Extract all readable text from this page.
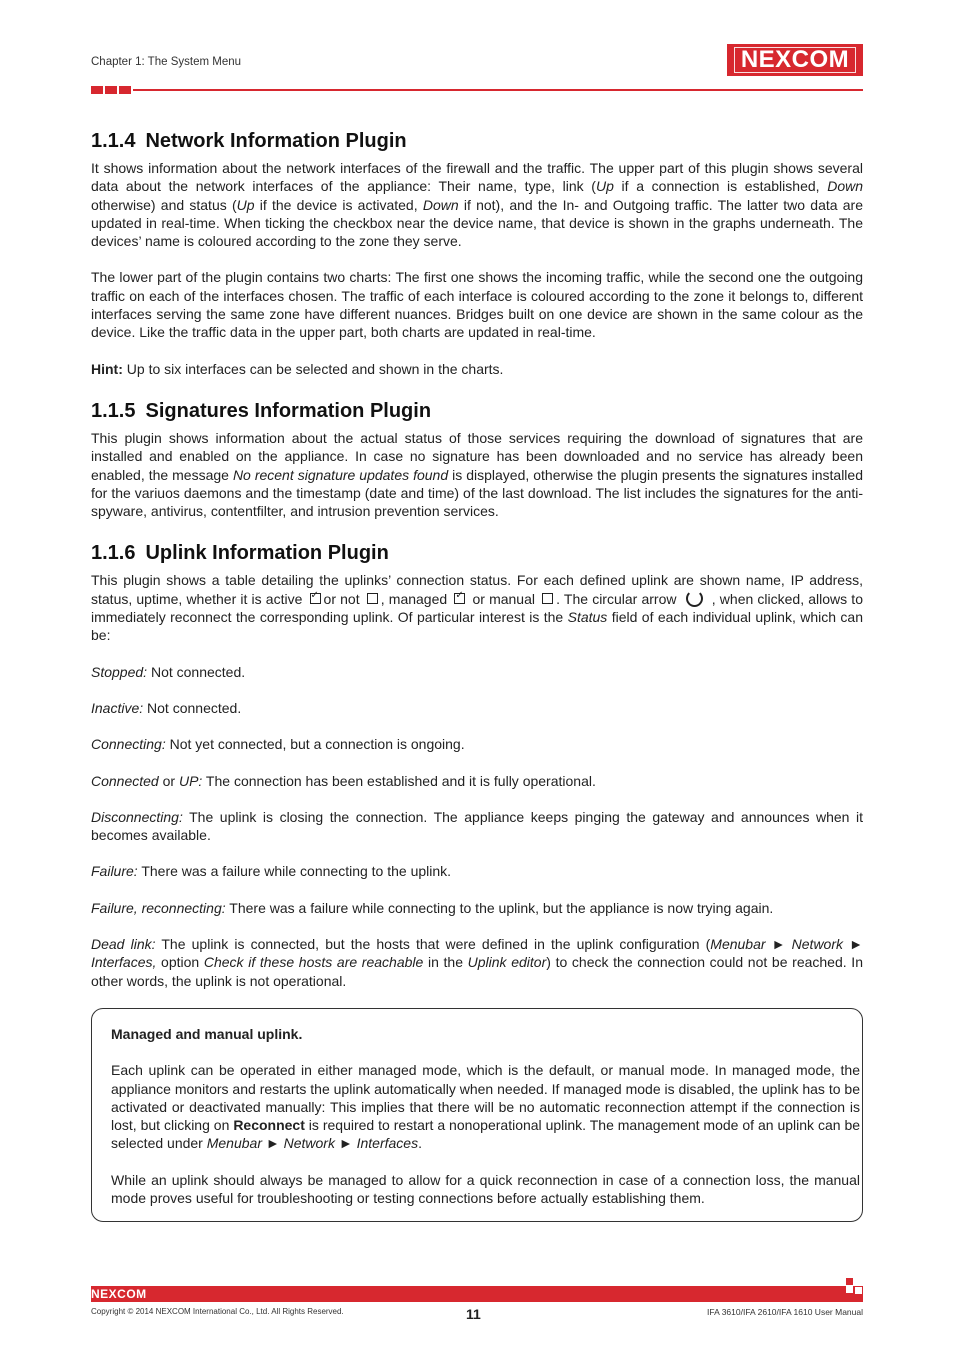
Chapter 1: The System Menu	NEXCOM
1.1.4 Network Information Plugin

It shows information about the network interfaces of the firewall and the traffic. The upper part of this plugin shows several data about the network interfaces of the appliance: Their name, type, link (Up if a connection is established, Down otherwise) and status (Up if the device is activated, Down if not), and the In- and Outgoing traffic. The latter two data are updated in real-time. When ticking the checkbox near the device name, that device is shown in the graphs underneath. The devices’ name is coloured according to the zone they serve.

The lower part of the plugin contains two charts: The first one shows the incoming traffic, while the second one the outgoing traffic on each of the interfaces chosen. The traffic of each interface is coloured according to the zone it belongs to, different interfaces serving the same zone have different nuances. Bridges built on one device are shown in the same colour as the device. Like the traffic data in the upper part, both charts are updated in real-time.

Hint: Up to six interfaces can be selected and shown in the charts.

1.1.5 Signatures Information Plugin

This plugin shows information about the actual status of those services requiring the download of signatures that are installed and enabled on the appliance. In case no signature has been downloaded and no service has already been enabled, the message No recent signature updates found is displayed, otherwise the plugin presents the signatures installed for the variuos daemons and the timestamp (date and time) of the last download. The list includes the signatures for the anti-spyware, antivirus, contentfilter, and intrusion prevention services.

1.1.6 Uplink Information Plugin

This plugin shows a table detailing the uplinks’ connection status. For each defined uplink are shown name, IP address, status, uptime, whether it is active ✓or not , managed ✓ or manual . The circular arrow  , when clicked, allows to immediately reconnect the corresponding uplink. Of particular interest is the Status field of each individual uplink, which can be:

Stopped: Not connected.

Inactive: Not connected.

Connecting: Not yet connected, but a connection is ongoing.

Connected or UP: The connection has been established and it is fully operational.

Disconnecting: The uplink is closing the connection. The appliance keeps pinging the gateway and announces when it becomes available.

Failure: There was a failure while connecting to the uplink.

Failure, reconnecting: There was a failure while connecting to the uplink, but the appliance is now trying again.

Dead link: The uplink is connected, but the hosts that were defined in the uplink configuration (Menubar ► Network ► Interfaces, option Check if these hosts are reachable in the Uplink editor) to check the connection could not be reached. In other words, the uplink is not operational.

Managed and manual uplink.

Each uplink can be operated in either managed mode, which is the default, or manual mode. In managed mode, the appliance monitors and restarts the uplink automatically when needed. If managed mode is disabled, the uplink has to be activated or deactivated manually: This implies that there will be no automatic reconnection attempt if the connection is lost, but clicking on Reconnect is required to restart a nonoperational uplink. The management mode of an uplink can be selected under Menubar ► Network ► Interfaces.

While an uplink should always be managed to allow for a quick reconnection in case of a connection loss, the manual mode proves useful for troubleshooting or testing connections before actually establishing them.

NEXCOM
Copyright © 2014 NEXCOM International Co., Ltd. All Rights Reserved.	11	IFA 3610/IFA 2610/IFA 1610 User Manual
